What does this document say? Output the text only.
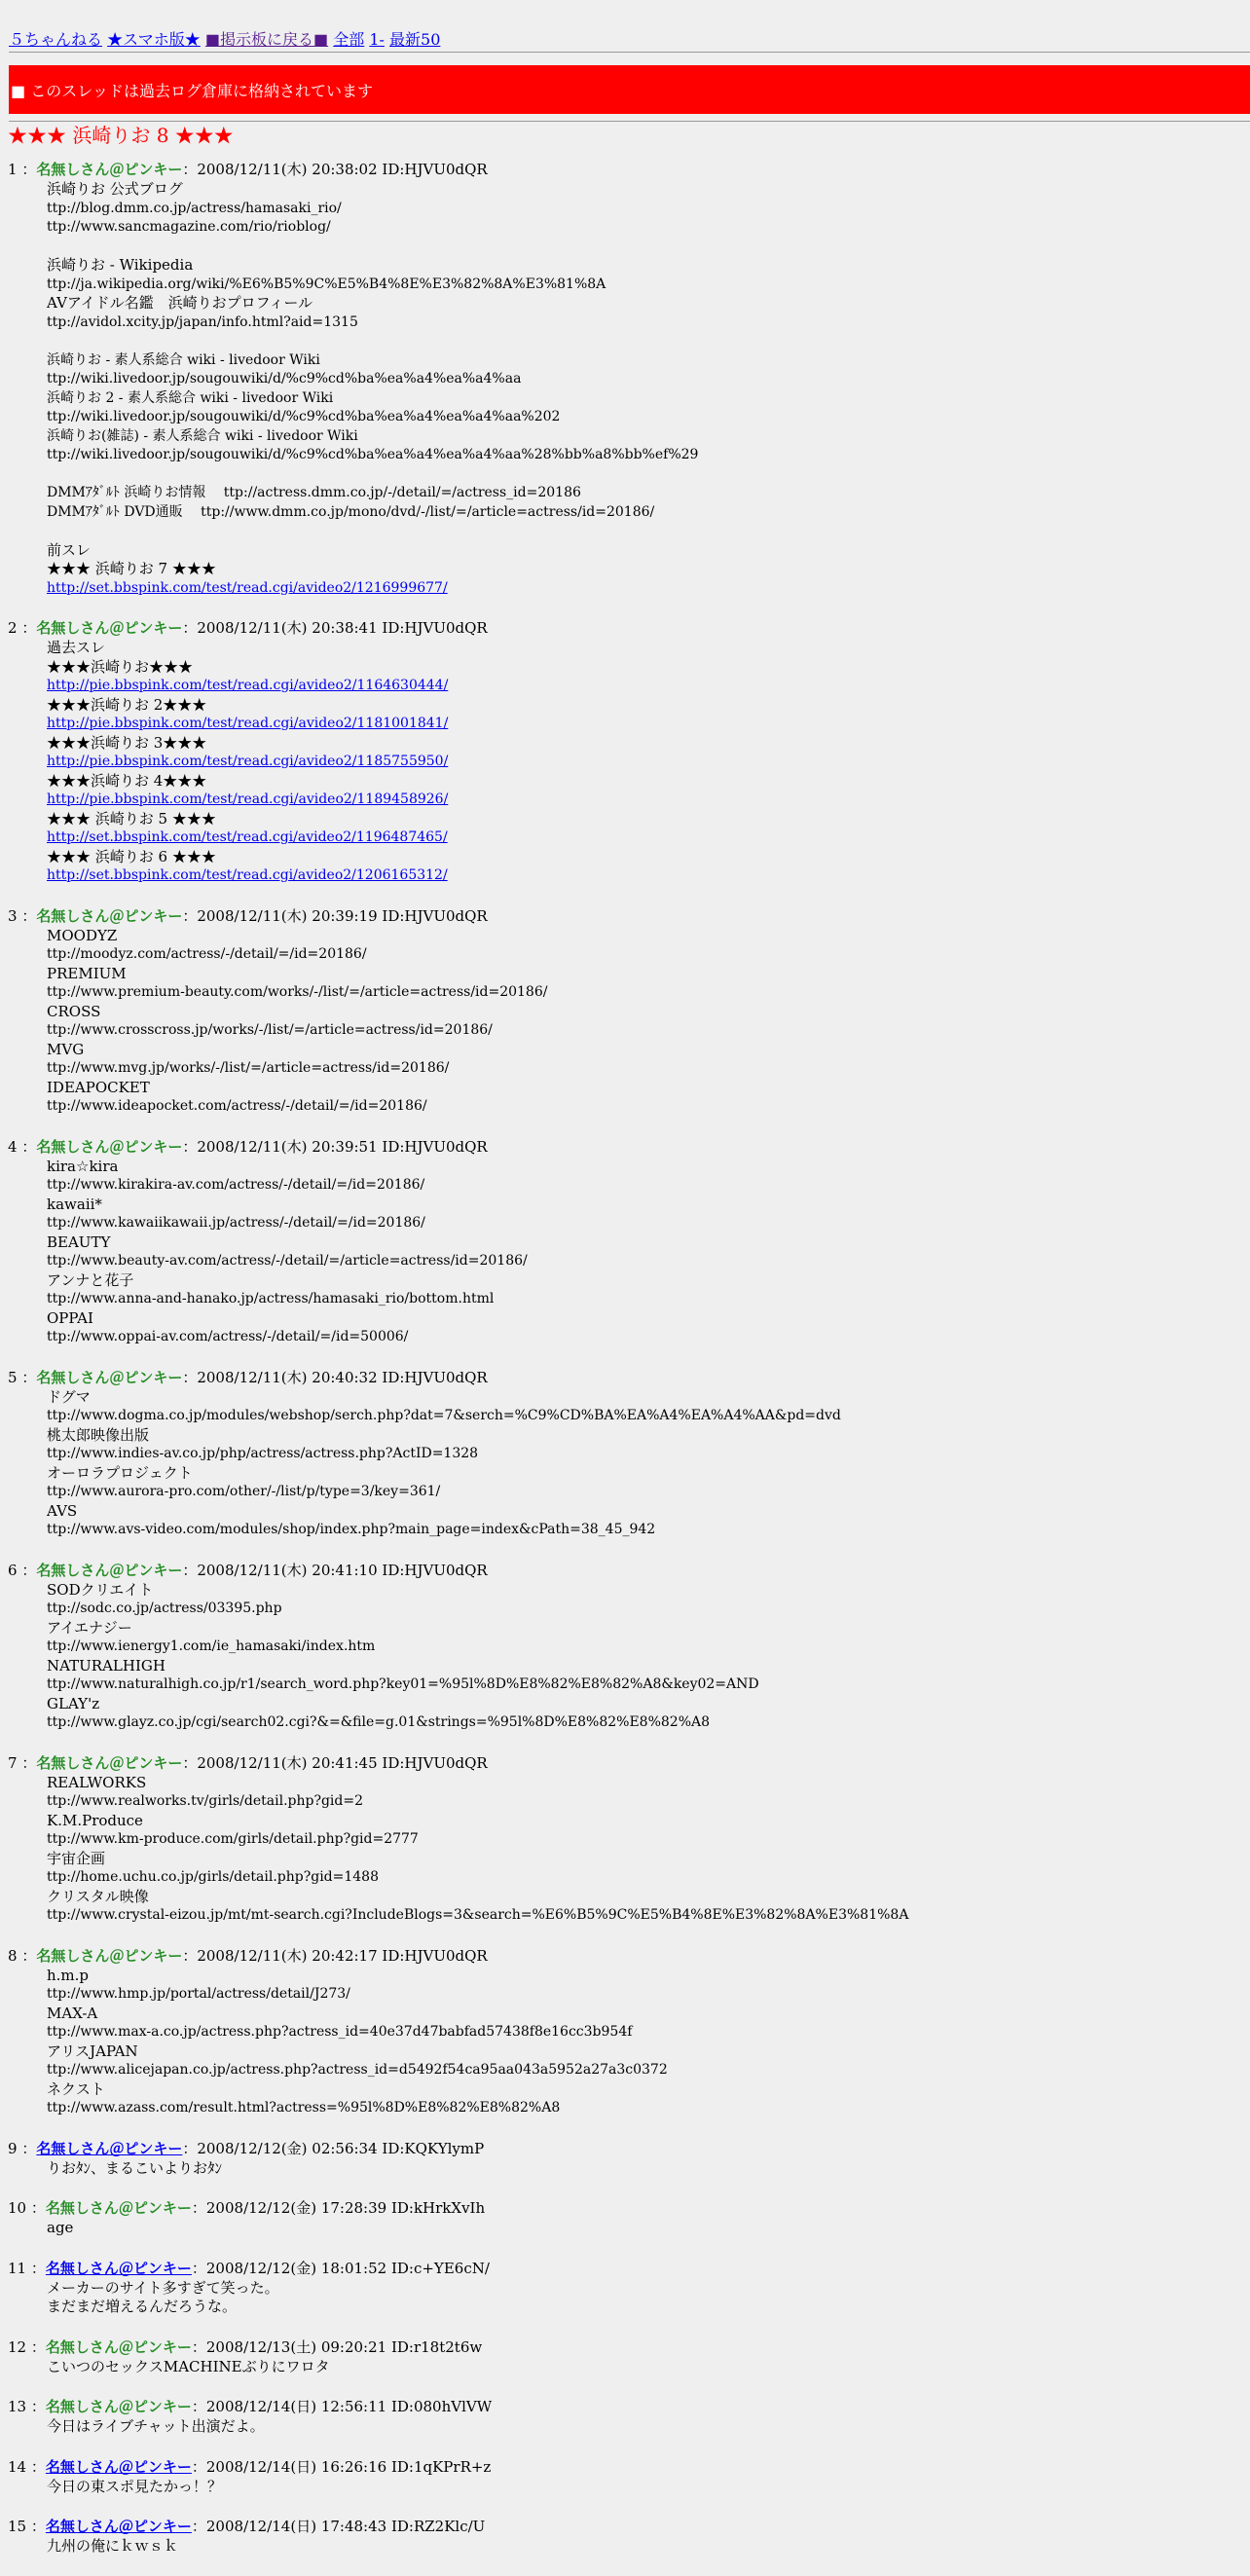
５ちゃんねる ★スマホ版★ ■掲示板に戻る■ 全部 1- 最新50
■ このスレッドは過去ログ倉庫に格納されています
★★★ 浜崎りお 8 ★★★
1 ：名無しさん＠ピンキー：2008/12/11(木) 20:38:02 ID:HJVU0dQR
浜崎りお 公式ブログ
ttp://blog.dmm.co.jp/actress/hamasaki_rio/
ttp://www.sancmagazine.com/rio/rioblog/
浜崎りお - Wikipedia
ttp://ja.wikipedia.org/wiki/%E6%B5%9C%E5%B4%8E%E3%82%8A%E3%81%8A
AVアイドル名鑑　浜崎りおプロフィール
ttp://avidol.xcity.jp/japan/info.html?aid=1315
浜崎りお - 素人系総合 wiki - livedoor Wiki
ttp://wiki.livedoor.jp/sougouwiki/d/%c9%cd%ba%ea%a4%ea%a4%aa
浜崎りお 2 - 素人系総合 wiki - livedoor Wiki
ttp://wiki.livedoor.jp/sougouwiki/d/%c9%cd%ba%ea%a4%ea%a4%aa%202
浜崎りお(雑誌) - 素人系総合 wiki - livedoor Wiki
ttp://wiki.livedoor.jp/sougouwiki/d/%c9%cd%ba%ea%a4%ea%a4%aa%28%bb%a8%bb%ef%29
DMMｱﾀﾞﾙﾄ 浜崎りお情報　 ttp://actress.dmm.co.jp/-/detail/=/actress_id=20186
DMMｱﾀﾞﾙﾄ DVD通販　 ttp://www.dmm.co.jp/mono/dvd/-/list/=/article=actress/id=20186/
前スレ
★★★ 浜崎りお 7 ★★★
http://set.bbspink.com/test/read.cgi/avideo2/1216999677/
2 ：名無しさん＠ピンキー：2008/12/11(木) 20:38:41 ID:HJVU0dQR
過去スレ
★★★浜崎りお★★★
http://pie.bbspink.com/test/read.cgi/avideo2/1164630444/
★★★浜崎りお 2★★★
http://pie.bbspink.com/test/read.cgi/avideo2/1181001841/
★★★浜崎りお 3★★★
http://pie.bbspink.com/test/read.cgi/avideo2/1185755950/
★★★浜崎りお 4★★★
http://pie.bbspink.com/test/read.cgi/avideo2/1189458926/
★★★ 浜崎りお 5 ★★★
http://set.bbspink.com/test/read.cgi/avideo2/1196487465/
★★★ 浜崎りお 6 ★★★
http://set.bbspink.com/test/read.cgi/avideo2/1206165312/
3 ：名無しさん＠ピンキー：2008/12/11(木) 20:39:19 ID:HJVU0dQR
MOODYZ
ttp://moodyz.com/actress/-/detail/=/id=20186/
PREMIUM
ttp://www.premium-beauty.com/works/-/list/=/article=actress/id=20186/
CROSS
ttp://www.crosscross.jp/works/-/list/=/article=actress/id=20186/
MVG
ttp://www.mvg.jp/works/-/list/=/article=actress/id=20186/
IDEAPOCKET
ttp://www.ideapocket.com/actress/-/detail/=/id=20186/
4 ：名無しさん＠ピンキー：2008/12/11(木) 20:39:51 ID:HJVU0dQR
kira☆kira
ttp://www.kirakira-av.com/actress/-/detail/=/id=20186/
kawaii*
ttp://www.kawaiikawaii.jp/actress/-/detail/=/id=20186/
BEAUTY
ttp://www.beauty-av.com/actress/-/detail/=/article=actress/id=20186/
アンナと花子
ttp://www.anna-and-hanako.jp/actress/hamasaki_rio/bottom.html
OPPAI
ttp://www.oppai-av.com/actress/-/detail/=/id=50006/
5 ：名無しさん＠ピンキー：2008/12/11(木) 20:40:32 ID:HJVU0dQR
ドグマ
ttp://www.dogma.co.jp/modules/webshop/serch.php?dat=7&serch=%C9%CD%BA%EA%A4%EA%A4%AA&pd=dvd
桃太郎映像出版
ttp://www.indies-av.co.jp/php/actress/actress.php?ActID=1328
オーロラプロジェクト
ttp://www.aurora-pro.com/other/-/list/p/type=3/key=361/
AVS
ttp://www.avs-video.com/modules/shop/index.php?main_page=index&cPath=38_45_942
6 ：名無しさん＠ピンキー：2008/12/11(木) 20:41:10 ID:HJVU0dQR
SODクリエイト
ttp://sodc.co.jp/actress/03395.php
アイエナジー
ttp://www.ienergy1.com/ie_hamasaki/index.htm
NATURALHIGH
ttp://www.naturalhigh.co.jp/r1/search_word.php?key01=%95l%8D%E8%82%E8%82%A8&key02=AND
GLAY'z
ttp://www.glayz.co.jp/cgi/search02.cgi?&=&file=g.01&strings=%95l%8D%E8%82%E8%82%A8
7 ：名無しさん＠ピンキー：2008/12/11(木) 20:41:45 ID:HJVU0dQR
REALWORKS
ttp://www.realworks.tv/girls/detail.php?gid=2
K.M.Produce
ttp://www.km-produce.com/girls/detail.php?gid=2777
宇宙企画
ttp://home.uchu.co.jp/girls/detail.php?gid=1488
クリスタル映像
ttp://www.crystal-eizou.jp/mt/mt-search.cgi?IncludeBlogs=3&search=%E6%B5%9C%E5%B4%8E%E3%82%8A%E3%81%8A
8 ：名無しさん＠ピンキー：2008/12/11(木) 20:42:17 ID:HJVU0dQR
h.m.p
ttp://www.hmp.jp/portal/actress/detail/J273/
MAX-A
ttp://www.max-a.co.jp/actress.php?actress_id=40e37d47babfad57438f8e16cc3b954f
アリスJAPAN
ttp://www.alicejapan.co.jp/actress.php?actress_id=d5492f54ca95aa043a5952a27a3c0372
ネクスト
ttp://www.azass.com/result.html?actress=%95l%8D%E8%82%E8%82%A8
9 ：名無しさん＠ピンキー：2008/12/12(金) 02:56:34 ID:KQKYlymP
りおﾀﾝ、まるこいよりおﾀﾝ
10 ：名無しさん＠ピンキー：2008/12/12(金) 17:28:39 ID:kHrkXvIh
age
11 ：名無しさん＠ピンキー：2008/12/12(金) 18:01:52 ID:c+YE6cN/
メーカーのサイト多すぎて笑った。
まだまだ増えるんだろうな。
12 ：名無しさん＠ピンキー：2008/12/13(土) 09:20:21 ID:r18t2t6w
こいつのセックスMACHINEぶりにワロタ
13 ：名無しさん＠ピンキー：2008/12/14(日) 12:56:11 ID:080hVlVW
今日はライブチャット出演だよ。
14 ：名無しさん＠ピンキー：2008/12/14(日) 16:26:16 ID:1qKPrR+z
今日の東スポ見たかっ！？
15 ：名無しさん＠ピンキー：2008/12/14(日) 17:48:43 ID:RZ2Klc/U
九州の俺にｋｗｓｋ
